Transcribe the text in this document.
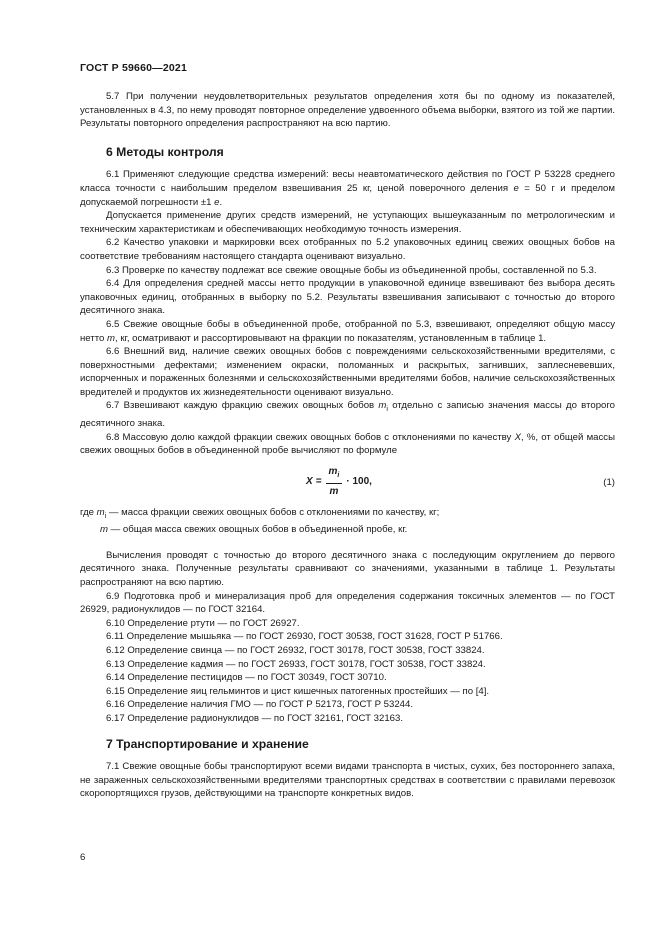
ГОСТ Р 59660—2021

5.7 При получении неудовлетворительных результатов определения хотя бы по одному из показателей, установленных в 4.3, по нему проводят повторное определение удвоенного объема выборки, взятого из той же партии. Результаты повторного определения распространяют на всю партию.

6 Методы контроля

6.1 Применяют следующие средства измерений: весы неавтоматического действия по ГОСТ Р 53228 среднего класса точности с наибольшим пределом взвешивания 25 кг, ценой поверочного деления е = 50 г и пределом допускаемой погрешности ±1 е.

Допускается применение других средств измерений, не уступающих вышеуказанным по метрологическим и техническим характеристикам и обеспечивающих необходимую точность измерения.

6.2 Качество упаковки и маркировки всех отобранных по 5.2 упаковочных единиц свежих овощных бобов на соответствие требованиям настоящего стандарта оценивают визуально.

6.3 Проверке по качеству подлежат все свежие овощные бобы из объединенной пробы, составленной по 5.3.

6.4 Для определения средней массы нетто продукции в упаковочной единице взвешивают без выбора десять упаковочных единиц, отобранных в выборку по 5.2. Результаты взвешивания записывают с точностью до второго десятичного знака.

6.5 Свежие овощные бобы в объединенной пробе, отобранной по 5.3, взвешивают, определяют общую массу нетто m, кг, осматривают и рассортировывают на фракции по показателям, установленным в таблице 1.

6.6 Внешний вид, наличие свежих овощных бобов с повреждениями сельскохозяйственными вредителями, с поверхностными дефектами; изменением окраски, поломанных и раскрытых, загнивших, заплесневевших, испорченных и пораженных болезнями и сельскохозяйственными вредителями бобов, наличие сельскохозяйственных вредителей и продуктов их жизнедеятельности оценивают визуально.

6.7 Взвешивают каждую фракцию свежих овощных бобов $m_i$ отдельно с записью значения массы до второго десятичного знака.

6.8 Массовую долю каждой фракции свежих овощных бобов с отклонениями по качеству X, %, от общей массы свежих овощных бобов в объединенной пробе вычисляют по формуле

$X = \frac{m_i}{m} \cdot 100$,	(1)
где $m_i$ — масса фракции свежих овощных бобов с отклонениями по качеству, кг;
m — общая масса свежих овощных бобов в объединенной пробе, кг.

Вычисления проводят с точностью до второго десятичного знака с последующим округлением до первого десятичного знака. Полученные результаты сравнивают со значениями, указанными в таблице 1. Результаты распространяют на всю партию.

6.9 Подготовка проб и минерализация проб для определения содержания токсичных элементов — по ГОСТ 26929, радионуклидов — по ГОСТ 32164.

6.10 Определение ртути — по ГОСТ 26927.

6.11 Определение мышьяка — по ГОСТ 26930, ГОСТ 30538, ГОСТ 31628, ГОСТ Р 51766.

6.12 Определение свинца — по ГОСТ 26932, ГОСТ 30178, ГОСТ 30538, ГОСТ 33824.

6.13 Определение кадмия — по ГОСТ 26933, ГОСТ 30178, ГОСТ 30538, ГОСТ 33824.

6.14 Определение пестицидов — по ГОСТ 30349, ГОСТ 30710.

6.15 Определение яиц гельминтов и цист кишечных патогенных простейших — по [4].

6.16 Определение наличия ГМО — по ГОСТ Р 52173, ГОСТ Р 53244.

6.17 Определение радионуклидов — по ГОСТ 32161, ГОСТ 32163.

7 Транспортирование и хранение

7.1 Свежие овощные бобы транспортируют всеми видами транспорта в чистых, сухих, без постороннего запаха, не зараженных сельскохозяйственными вредителями транспортных средствах в соответствии с правилами перевозок скоропортящихся грузов, действующими на транспорте конкретных видов.

6
